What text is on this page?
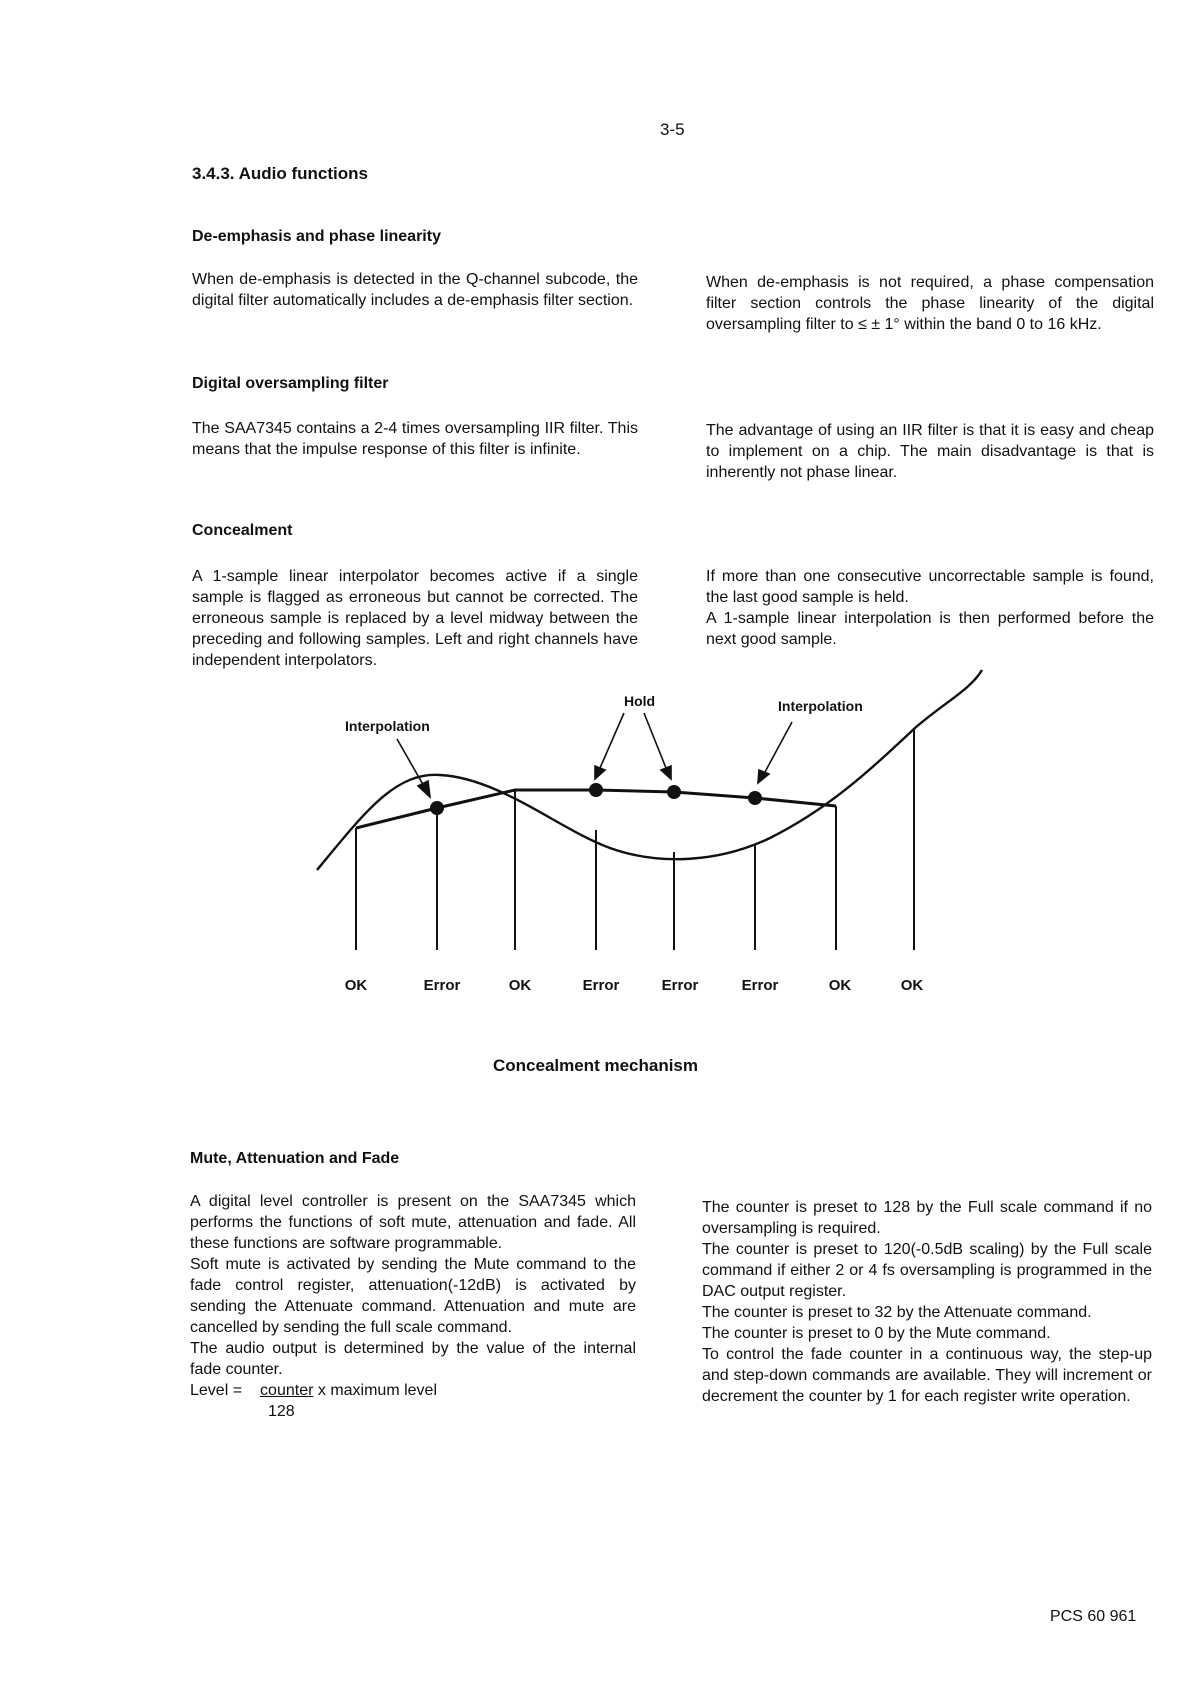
3-5
3.4.3. Audio functions
De-emphasis and phase linearity

When de-emphasis is detected in the Q-channel subcode, the digital filter automatically includes a de-emphasis filter section.

When de-emphasis is not required, a phase compensation filter section controls the phase linearity of the digital oversampling filter to ≤ ± 1° within the band 0 to 16 kHz.

Digital oversampling filter

The SAA7345 contains a 2-4 times oversampling IIR filter. This means that the impulse response of this filter is infinite.

The advantage of using an IIR filter is that it is easy and cheap to implement on a chip. The main disadvantage is that is inherently not phase linear.

Concealment

A 1-sample linear interpolator becomes active if a single sample is flagged as erroneous but cannot be corrected. The erroneous sample is replaced by a level midway between the preceding and following samples. Left and right channels have independent interpolators.

If more than one consecutive uncorrectable sample is found, the last good sample is held.

A 1-sample linear interpolation is then performed before the next good sample.

Interpolation
Hold	Interpolation
OK	Error	OK	Error	Error	Error	OK	OK
Concealment mechanism
Mute, Attenuation and Fade

A digital level controller is present on the SAA7345 which performs the functions of soft mute, attenuation and fade. All these functions are software programmable.

Soft mute is activated by sending the Mute command to the fade control register, attenuation(-12dB) is activated by sending the Attenuate command. Attenuation and mute are cancelled by sending the full scale command.

The audio output is determined by the value of the internal fade counter.

Level = counter x maximum level
128

The counter is preset to 128 by the Full scale command if no oversampling is required.

The counter is preset to 120(-0.5dB scaling) by the Full scale command if either 2 or 4 fs oversampling is programmed in the DAC output register.

The counter is preset to 32 by the Attenuate command.

The counter is preset to 0 by the Mute command.

To control the fade counter in a continuous way, the step-up and step-down commands are available. They will increment or decrement the counter by 1 for each register write operation.

PCS 60 961
